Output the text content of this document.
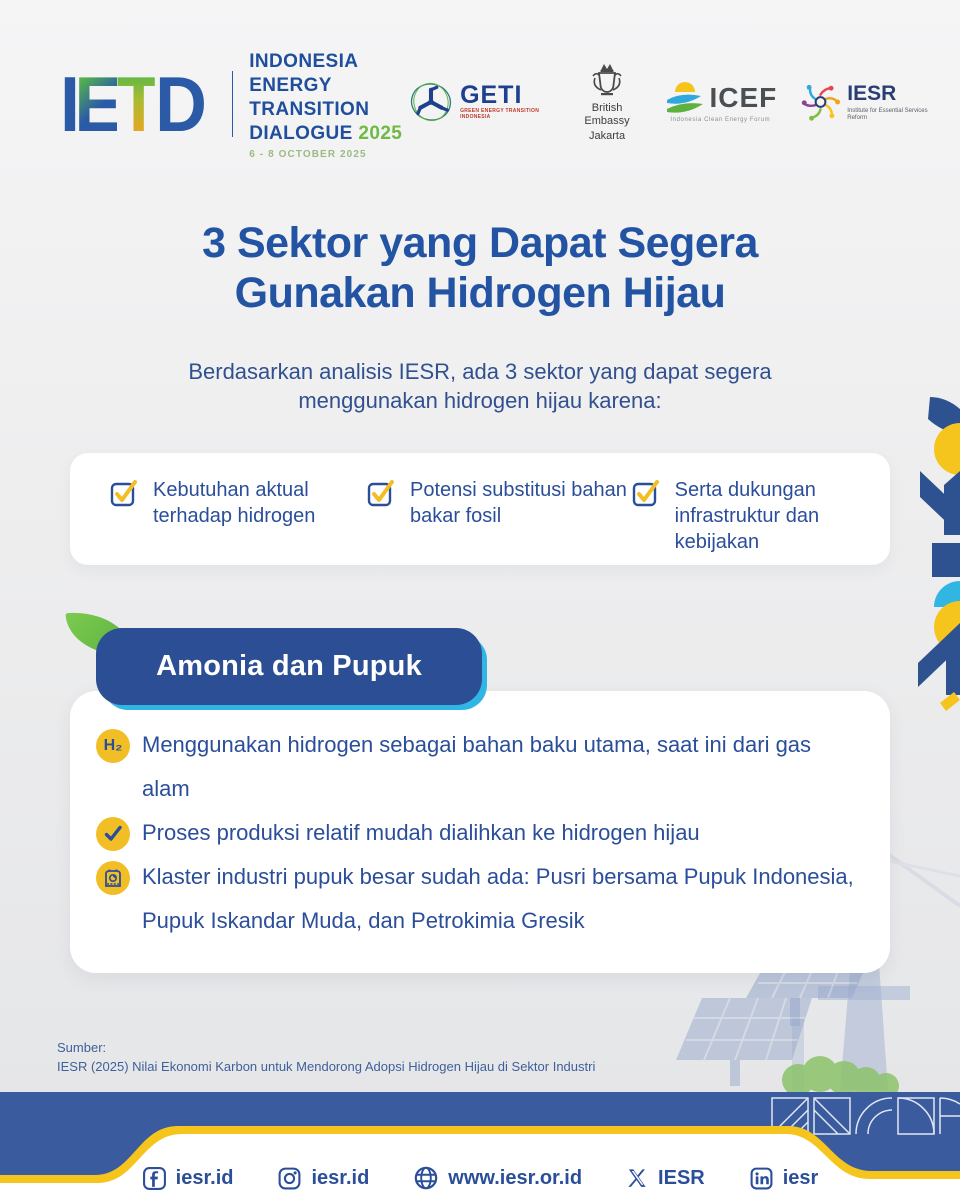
IETD	INDONESIA
ENERGY TRANSITION
DIALOGUE 2025
6 - 8 OCTOBER 2025
GETI
GREEN ENERGY TRANSITION INDONESIA
British Embassy
Jakarta
ICEF
Indonesia Clean Energy Forum
IESR
Institute for Essential Services Reform
3 Sektor yang Dapat Segera
Gunakan Hidrogen Hijau
Berdasarkan analisis IESR, ada 3 sektor yang dapat segera menggunakan hidrogen hijau karena:
Kebutuhan aktual terhadap hidrogen
Potensi substitusi bahan bakar fosil
Serta dukungan infrastruktur dan kebijakan
Amonia dan Pupuk
H₂ Menggunakan hidrogen sebagai bahan baku utama, saat ini dari gas alam
Proses produksi relatif mudah dialihkan ke hidrogen hijau
Klaster industri pupuk besar sudah ada: Pusri bersama Pupuk Indonesia, Pupuk Iskandar Muda, dan Petrokimia Gresik
Sumber:
IESR (2025) Nilai Ekonomi Karbon untuk Mendorong Adopsi Hidrogen Hijau di Sektor Industri
iesr.id	iesr.id	www.iesr.or.id	IESR	iesr
